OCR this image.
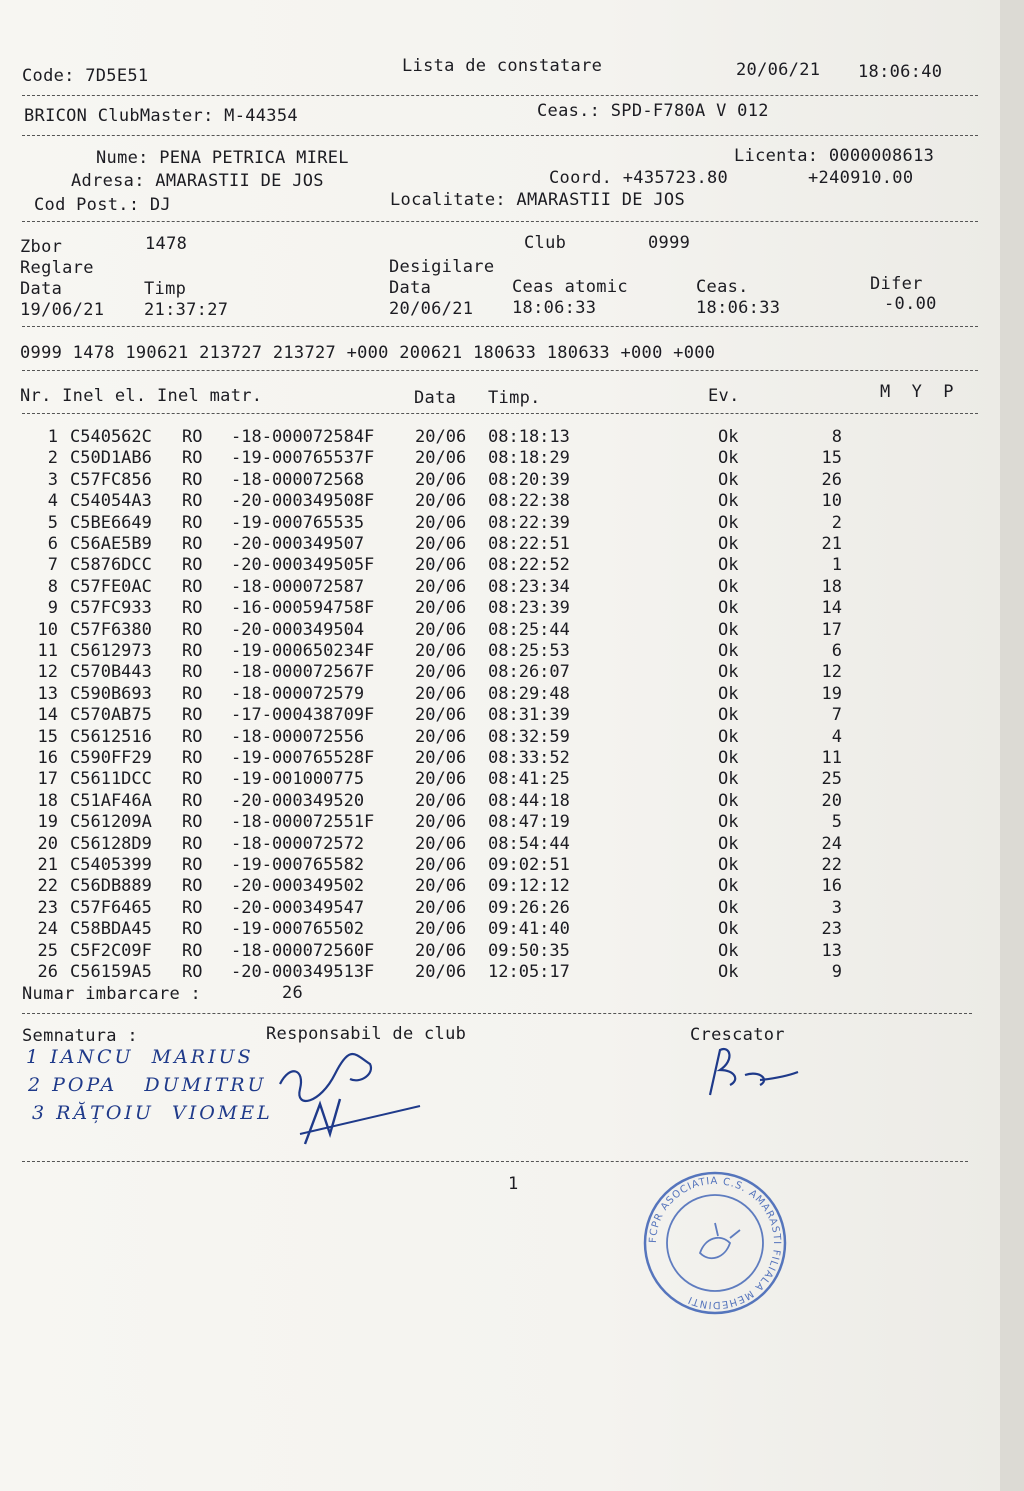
Code: 7D5E51	Lista de constatare	20/06/21 18:06:40
BRICON ClubMaster: M-44354	Ceas.: SPD-F780A V 012
Nume: PENA PETRICA MIREL	Licenta: 0000008613
Adresa: AMARASTII DE JOS	Coord. +435723.80	+240910.00
Cod Post.: DJ	Localitate: AMARASTII DE JOS
Zbor	1478	Club	0999
Reglare	Desigilare
Data	Timp	Data	Ceas atomic	Ceas.	Difer
19/06/21 21:37:27	20/06/21 18:06:33	18:06:33	-0.00
0999 1478 190621 213727 213727 +000 200621 180633 180633 +000 +000
Nr. Inel el. Inel matr.	Data Timp.	Ev.	M  Y  P
1 C540562C RO -18-000072584F 20/06 08:18:13	Ok	8
2 C50D1AB6 RO -19-000765537F 20/06 08:18:29	Ok	15
3 C57FC856 RO -18-000072568	20/06 08:20:39	Ok	26
4 C54054A3 RO -20-000349508F 20/06 08:22:38	Ok	10
5 C5BE6649 RO -19-000765535	20/06 08:22:39	Ok	2
6 C56AE5B9 RO -20-000349507	20/06 08:22:51	Ok	21
7 C5876DCC RO -20-000349505F 20/06 08:22:52	Ok	1
8 C57FE0AC RO -18-000072587	20/06 08:23:34	Ok	18
9 C57FC933 RO -16-000594758F 20/06 08:23:39	Ok	14
10 C57F6380 RO -20-000349504	20/06 08:25:44	Ok	17
11 C5612973 RO -19-000650234F 20/06 08:25:53	Ok	6
12 C570B443 RO -18-000072567F 20/06 08:26:07	Ok	12
13 C590B693 RO -18-000072579	20/06 08:29:48	Ok	19
14 C570AB75 RO -17-000438709F 20/06 08:31:39	Ok	7
15 C5612516 RO -18-000072556	20/06 08:32:59	Ok	4
16 C590FF29 RO -19-000765528F 20/06 08:33:52	Ok	11
17 C5611DCC RO -19-001000775	20/06 08:41:25	Ok	25
18 C51AF46A RO -20-000349520	20/06 08:44:18	Ok	20
19 C561209A RO -18-000072551F 20/06 08:47:19	Ok	5
20 C56128D9 RO -18-000072572	20/06 08:54:44	Ok	24
21 C5405399 RO -19-000765582	20/06 09:02:51	Ok	22
22 C56DB889 RO -20-000349502	20/06 09:12:12	Ok	16
23 C57F6465 RO -20-000349547	20/06 09:26:26	Ok	3
24 C58BDA45 RO -19-000765502	20/06 09:41:40	Ok	23
25 C5F2C09F RO -18-000072560F 20/06 09:50:35	Ok	13
26 C56159A5 RO -20-000349513F 20/06 12:05:17	Ok	9
Numar imbarcare :	26
Semnatura :	Responsabil de club	Crescator
1 IANCU  MARIUS
2 POPA   DUMITRU
3 RĂȚOIU  VIOMEL
1
FCPR ASOCIATIA C.S. AMARASTI FILIALA MEHEDINTI
